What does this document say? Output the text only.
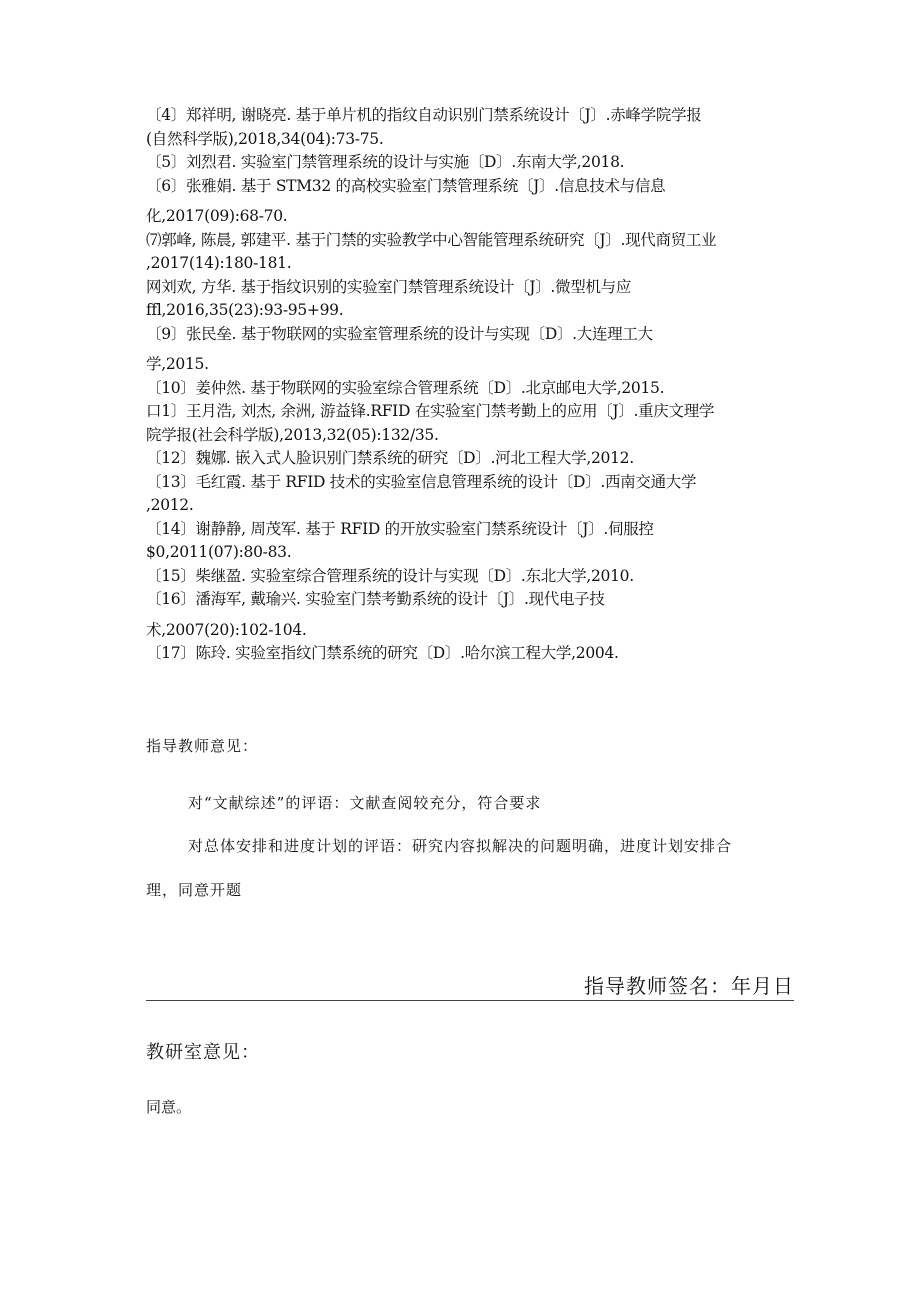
〔4〕郑祥明, 谢晓亮. 基于单片机的指纹自动识别门禁系统设计〔J〕.赤峰学院学报
(自然科学版),2018,34(04):73-75.
〔5〕刘烈君. 实验室门禁管理系统的设计与实施〔D〕.东南大学,2018.
〔6〕张雅娟. 基于 STM32 的高校实验室门禁管理系统〔J〕.信息技术与信息
化,2017(09):68-70.
⑺郭峰, 陈晨, 郭建平. 基于门禁的实验教学中心智能管理系统研究〔J〕.现代商贸工业
,2017(14):180-181.
网刘欢, 方华. 基于指纹识别的实验室门禁管理系统设计〔J〕.微型机与应
ffl,2016,35(23):93-95+99.
〔9〕张民垒. 基于物联网的实验室管理系统的设计与实现〔D〕.大连理工大
学,2015.
〔10〕姜仲然. 基于物联网的实验室综合管理系统〔D〕.北京邮电大学,2015.
口1〕王月浩, 刘杰, 余洲, 游益锋.RFID 在实验室门禁考勤上的应用〔J〕.重庆文理学
院学报(社会科学版),2013,32(05):132/35.
〔12〕魏娜. 嵌入式人脸识别门禁系统的研究〔D〕.河北工程大学,2012.
〔13〕毛红霞. 基于 RFID 技术的实验室信息管理系统的设计〔D〕.西南交通大学
,2012.
〔14〕谢静静, 周茂军. 基于 RFID 的开放实验室门禁系统设计〔J〕.伺服控
$0,2011(07):80-83.
〔15〕柴继盈. 实验室综合管理系统的设计与实现〔D〕.东北大学,2010.
〔16〕潘海军, 戴瑜兴. 实验室门禁考勤系统的设计〔J〕.现代电子技
术,2007(20):102-104.
〔17〕陈玲. 实验室指纹门禁系统的研究〔D〕.哈尔滨工程大学,2004.
指导教师意见：
对“文献综述”的评语：文献查阅较充分，符合要求
对总体安排和进度计划的评语：研究内容拟解决的问题明确，进度计划安排合
理，同意开题
指导教师签名：年月日
教研室意见：
同意。
